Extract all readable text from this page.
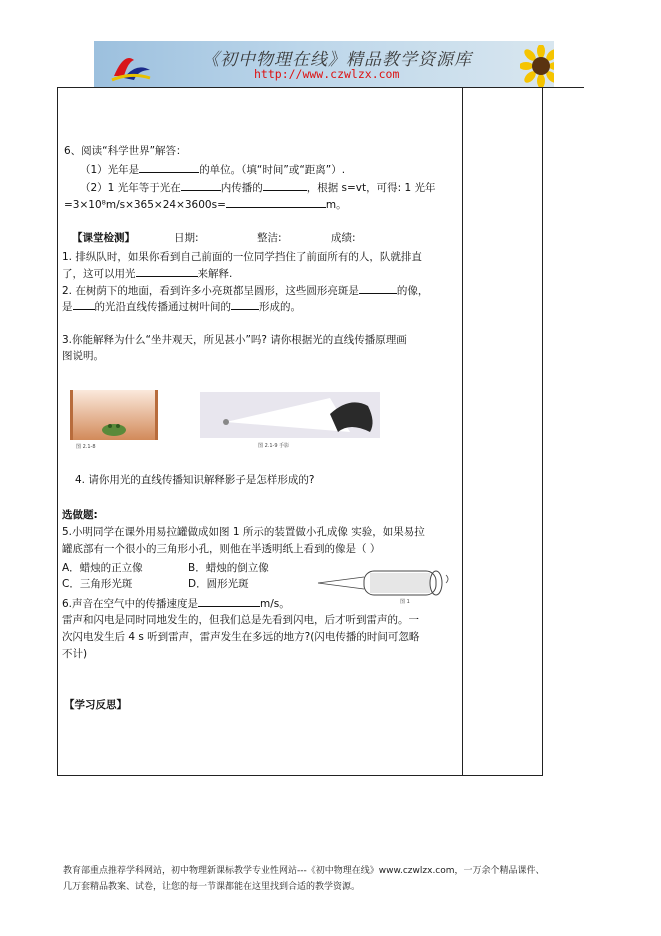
《初中物理在线》精品教学资源库
http://www.czwlzx.com
6、阅读“科学世界”解答：
（1）光年是	的单位。（填“时间”或“距离”）.
（2）1 光年等于光在	内传播的	，根据 s=vt，可得: 1 光年
=3×10⁸m/s×365×24×3600s=	m。
【课堂检测】	日期:	整洁:	成绩:
1. 排纵队时，如果你看到自己前面的一位同学挡住了前面所有的人，队就排直
了，这可以用光	来解释.
2. 在树荫下的地面，看到许多小亮斑都呈圆形，这些圆形亮斑是	的像，
是 的光沿直线传播通过树叶间的	形成的。
3.你能解释为什么“坐井观天，所见甚小”吗? 请你根据光的直线传播原理画
图说明。
图 2.1-8	图 2.1-9 手影
4. 请你用光的直线传播知识解释影子是怎样形成的?
选做题:
5.小明同学在课外用易拉罐做成如图 1 所示的装置做小孔成像 实验，如果易拉
罐底部有一个很小的三角形小孔，则他在半透明纸上看到的像是（ ）
A．蜡烛的正立像	B．蜡烛的倒立像
C．三角形光斑	D．圆形光斑
图 1
6.声音在空气中的传播速度是	m/s。
雷声和闪电是同时同地发生的，但我们总是先看到闪电，后才听到雷声的。一
次闪电发生后 4 s 听到雷声，雷声发生在多远的地方?(闪电传播的时间可忽略
不计)
【学习反思】
教育部重点推荐学科网站，初中物理新课标教学专业性网站---《初中物理在线》www.czwlzx.com，一万余个精品课件、
几万套精品教案、试卷，让您的每一节课都能在这里找到合适的教学资源。
